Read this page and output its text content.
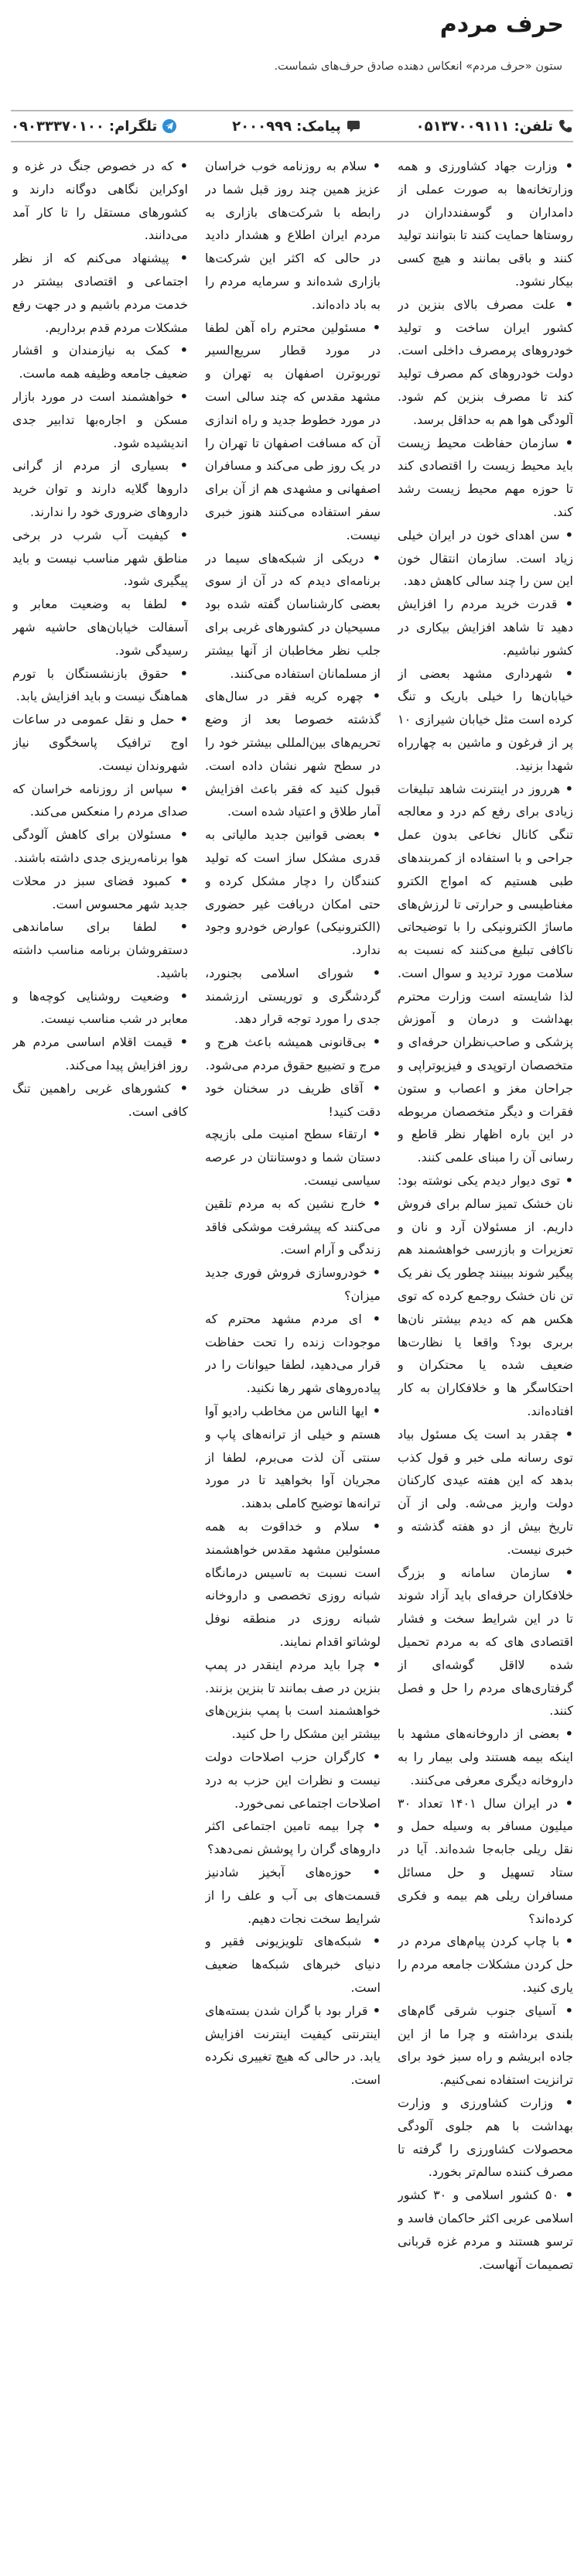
حرف مردم
ستون «حرف مردم» انعکاس دهنده صادق حرف‌های شماست.
تلفن:
۰۵۱۳۷۰۰۹۱۱۱
پیامک:
۲۰۰۰۹۹۹
تلگرام:
۰۹۰۳۳۳۷۰۱۰۰

• وزارت جهاد کشاورزی و همه وزارتخانه‌ها به صورت عملی از دامداران و گوسفندداران در روستاها حمایت کنند تا بتوانند تولید کنند و باقی بمانند و هیچ کسی بیکار نشود.

• علت مصرف بالای بنزین در کشور ایران ساخت و تولید خودروهای پرمصرف داخلی است. دولت خودروهای کم مصرف تولید کند تا مصرف بنزین کم شود. آلودگی هوا هم به حداقل برسد.

• سازمان حفاظت محیط زیست باید محیط زیست را اقتصادی کند تا حوزه مهم محیط زیست رشد کند.

• سن اهدای خون در ایران خیلی زیاد است. سازمان انتقال خون این سن را چند سالی کاهش دهد.

• قدرت خرید مردم را افزایش دهید تا شاهد افزایش بیکاری در کشور نباشیم.

• شهرداری مشهد بعضی از خیابان‌ها را خیلی باریک و تنگ کرده است مثل خیابان شیرازی ۱۰ پر از فرغون و ماشین به چهارراه شهدا بزنید.

• هرروز در اینترنت شاهد تبلیغات زیادی برای رفع کم درد و معالجه تنگی کانال نخاعی بدون عمل جراحی و با استفاده از کمربندهای طبی هستیم که امواج الکترو مغناطیسی و حرارتی تا لرزش‌های ماساژ الکترونیکی را با توضیحاتی ناکافی تبلیغ می‌کنند که نسبت به سلامت مورد تردید و سوال است. لذا شایسته است وزارت محترم بهداشت و درمان و آموزش پزشکی و صاحب‌نظران حرفه‌ای و متخصصان ارتوپدی و فیزیوتراپی و جراحان مغز و اعصاب و ستون فقرات و دیگر متخصصان مربوطه در این باره اظهار نظر قاطع و رسانی آن را مبنای علمی کنند.

• توی دیوار دیدم یکی نوشته بود: نان خشک تمیز سالم برای فروش داریم. از مسئولان آرد و نان و تعزیرات و بازرسی خواهشمند هم پیگیر شوند ببینند چطور یک نفر یک تن نان خشک روجمع کرده که توی هکس هم که دیدم بیشتر نان‌ها بربری بود؟ واقعا یا نظارت‌ها ضعیف شده یا محتکران و احتکاسگر ها و خلافکاران به کار افتاده‌اند.

• چقدر بد است یک مسئول بیاد توی رسانه ملی خبر و قول کذب بدهد که این هفته عیدی کارکنان دولت واریز می‌شه. ولی از آن تاریخ بیش از دو هفته گذشته و خبری نیست.

• سازمان سامانه و بزرگ خلافکاران حرفه‌ای باید آزاد شوند تا در این شرایط سخت و فشار اقتصادی های که به مردم تحمیل شده لااقل گوشه‌ای از گرفتاری‌های مردم را حل و فصل کنند.

• بعضی از داروخانه‌های مشهد با اینکه بیمه هستند ولی بیمار را به داروخانه دیگری معرفی می‌کنند.

• در ایران سال ۱۴۰۱ تعداد ۳۰ میلیون مسافر به وسیله حمل و نقل ریلی جابه‌جا شده‌اند. آیا در ستاد تسهیل و حل مسائل مسافران ریلی هم بیمه و فکری کرده‌اند؟

• با چاپ کردن پیام‌های مردم در حل کردن مشکلات جامعه مردم را یاری کنید.

• آسیای جنوب شرقی گام‌های بلندی برداشته و چرا ما از این جاده ابریشم و راه سبز خود برای ترانزیت استفاده نمی‌کنیم.

• وزارت کشاورزی و وزارت بهداشت با هم جلوی آلودگی محصولات کشاورزی را گرفته تا مصرف کننده سالم‌تر بخورد.

• ۵۰ کشور اسلامی و ۳۰ کشور اسلامی عربی اکثر حاکمان فاسد و ترسو هستند و مردم غزه قربانی تصمیمات آنهاست.

• سلام به روزنامه خوب خراسان عزیز همین چند روز قبل شما در رابطه با شرکت‌های بازاری به مردم ایران اطلاع و هشدار دادید در حالی که اکثر این شرکت‌ها بازاری شده‌اند و سرمایه مردم را به باد داده‌اند.

• مسئولین محترم راه آهن لطفا در مورد قطار سریع‌السیر توربوترن اصفهان به تهران و مشهد مقدس که چند سالی است در مورد خطوط جدید و راه اندازی آن که مسافت اصفهان تا تهران را در یک روز طی می‌کند و مسافران اصفهانی و مشهدی هم از آن برای سفر استفاده می‌کنند هنوز خبری نیست.

• دریکی از شبکه‌های سیما در برنامه‌ای دیدم که در آن از سوی بعضی کارشناسان گفته شده بود مسیحیان در کشورهای غربی برای جلب نظر مخاطبان از آنها بیشتر از مسلمانان استفاده می‌کنند.

• چهره کریه فقر در سال‌های گذشته خصوصا بعد از وضع تحریم‌های بین‌المللی بیشتر خود را در سطح شهر نشان داده است. قبول کنید که فقر باعث افزایش آمار طلاق و اعتیاد شده است.

• بعضی قوانین جدید مالیاتی به قدری مشکل ساز است که تولید کنندگان را دچار مشکل کرده و حتی امکان دریافت غیر حضوری (الکترونیکی) عوارض خودرو وجود ندارد.

• شورای اسلامی بجنورد، گردشگری و توریستی ارزشمند جدی را مورد توجه قرار دهد.

• بی‌قانونی همیشه باعث هرج و مرج و تضییع حقوق مردم می‌شود.

• آقای ظریف در سخنان خود دقت کنید!

• ارتقاء سطح امنیت ملی بازیچه دستان شما و دوستانتان در عرصه سیاسی نیست.

• خارج نشین که به مردم تلقین می‌کنند که پیشرفت موشکی فاقد زندگی و آرام است.

• خودروسازی فروش فوری جدید میزان؟

• ای مردم مشهد محترم که موجودات زنده را تحت حفاظت قرار می‌دهید، لطفا حیوانات را در پیاده‌روهای شهر رها نکنید.

• ایها الناس من مخاطب رادیو آوا هستم و خیلی از ترانه‌های پاپ و سنتی آن لذت می‌برم، لطفا از مجریان آوا بخواهید تا در مورد ترانه‌ها توضیح کاملی بدهند.

• سلام و خداقوت به همه مسئولین مشهد مقدس خواهشمند است نسبت به تاسیس درمانگاه شبانه روزی تخصصی و داروخانه شبانه روزی در منطقه نوفل لوشاتو اقدام نمایند.

• چرا باید مردم اینقدر در پمپ بنزین در صف بمانند تا بنزین بزنند. خواهشمند است با پمپ بنزین‌های بیشتر این مشکل را حل کنید.

• کارگران حزب اصلاحات دولت نیست و نظرات این حزب به درد اصلاحات اجتماعی نمی‌خورد.

• چرا بیمه تامین اجتماعی اکثر داروهای گران را پوشش نمی‌دهد؟

• حوزه‌های آبخیز شادنیز قسمت‌های بی آب و علف را از شرایط سخت نجات دهیم.

• شبکه‌های تلویزیونی فقیر و دنیای خبرهای شبکه‌ها ضعیف است.

• قرار بود با گران شدن بسته‌های اینترنتی کیفیت اینترنت افزایش یابد. در حالی که هیچ تغییری نکرده است.

• که در خصوص جنگ در غزه و اوکراین نگاهی دوگانه دارند و کشورهای مستقل را تا کار آمد می‌دانند.

• پیشنهاد می‌کنم که از نظر اجتماعی و اقتصادی بیشتر در خدمت مردم باشیم و در جهت رفع مشکلات مردم قدم برداریم.

• کمک به نیازمندان و اقشار ضعیف جامعه وظیفه همه ماست.

• خواهشمند است در مورد بازار مسکن و اجاره‌بها تدابیر جدی اندیشیده شود.

• بسیاری از مردم از گرانی داروها گلایه دارند و توان خرید داروهای ضروری خود را ندارند.

• کیفیت آب شرب در برخی مناطق شهر مناسب نیست و باید پیگیری شود.

• لطفا به وضعیت معابر و آسفالت خیابان‌های حاشیه شهر رسیدگی شود.

• حقوق بازنشستگان با تورم هماهنگ نیست و باید افزایش یابد.

• حمل و نقل عمومی در ساعات اوج ترافیک پاسخگوی نیاز شهروندان نیست.

• سپاس از روزنامه خراسان که صدای مردم را منعکس می‌کند.

• مسئولان برای کاهش آلودگی هوا برنامه‌ریزی جدی داشته باشند.

• کمبود فضای سبز در محلات جدید شهر محسوس است.

• لطفا برای ساماندهی دستفروشان برنامه مناسب داشته باشید.

• وضعیت روشنایی کوچه‌ها و معابر در شب مناسب نیست.

• قیمت اقلام اساسی مردم هر روز افزایش پیدا می‌کند.

• کشورهای غربی راهمین تنگ کافی است.
